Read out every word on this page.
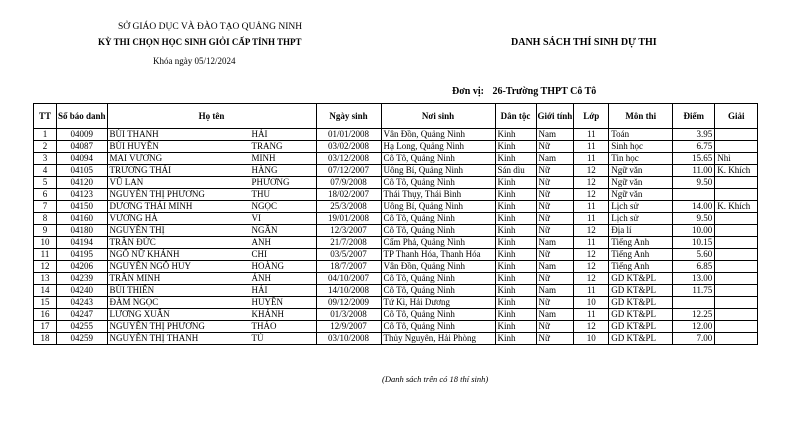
SỞ GIÁO DỤC VÀ ĐÀO TẠO QUẢNG NINH
KỲ THI CHỌN HỌC SINH GIỎI CẤP TỈNH THPT
Khóa ngày 05/12/2024
DANH SÁCH THÍ SINH DỰ THI
Đơn vị: 26-Trường THPT Cô Tô
TT	Số báo danh	Họ tên	Ngày sinh	Nơi sinh	Dân tộc	Giới tính	Lớp	Môn thi	Điểm	Giải
1	04009	BÙI THANH HẢI	01/01/2008	Vân Đồn, Quảng Ninh	Kinh	Nam	11	Toán	3.95	
2	04087	BÙI HUYỀN TRANG	03/02/2008	Hạ Long, Quảng Ninh	Kinh	Nữ	11	Sinh học	6.75	
3	04094	MAI VƯƠNG MINH	03/12/2008	Cô Tô, Quảng Ninh	Kinh	Nam	11	Tin học	15.65	Nhì
4	04105	TRƯƠNG THÁI HÀNG	07/12/2007	Uông Bí, Quảng Ninh	Sán dìu	Nữ	12	Ngữ văn	11.00	K. Khích
5	04120	VŨ LAN PHƯƠNG	07/9/2008	Cô Tô, Quảng Ninh	Kinh	Nữ	12	Ngữ văn	9.50	
6	04123	NGUYỄN THỊ PHƯƠNG THU	18/02/2007	Thái Thụy, Thái Bình	Kinh	Nữ	12	Ngữ văn		
7	04150	DƯƠNG THÁI MINH NGỌC	25/3/2008	Uông Bí, Quảng Ninh	Kinh	Nữ	11	Lịch sử	14.00	K. Khích
8	04160	VƯƠNG HÀ VI	19/01/2008	Cô Tô, Quảng Ninh	Kinh	Nữ	11	Lịch sử	9.50	
9	04180	NGUYỄN THỊ NGÂN	12/3/2007	Cô Tô, Quảng Ninh	Kinh	Nữ	12	Địa lí	10.00	
10	04194	TRẦN ĐỨC ANH	21/7/2008	Cẩm Phả, Quảng Ninh	Kinh	Nam	11	Tiếng Anh	10.15	
11	04195	NGÔ NỮ KHÁNH CHI	03/5/2007	TP Thanh Hóa, Thanh Hóa	Kinh	Nữ	12	Tiếng Anh	5.60	
12	04206	NGUYỄN NGÔ HUY HOÀNG	18/7/2007	Vân Đồn, Quảng Ninh	Kinh	Nam	12	Tiếng Anh	6.85	
13	04239	TRẦN MINH ÁNH	04/10/2007	Cô Tô, Quảng Ninh	Kinh	Nữ	12	GD KT&PL	13.00	
14	04240	BÙI THIÊN HẢI	14/10/2008	Cô Tô, Quảng Ninh	Kinh	Nam	11	GD KT&PL	11.75	
15	04243	ĐÀM NGỌC HUYỀN	09/12/2009	Tứ Kì, Hải Dương	Kinh	Nữ	10	GD KT&PL		
16	04247	LƯƠNG XUÂN KHÁNH	01/3/2008	Cô Tô, Quảng Ninh	Kinh	Nam	11	GD KT&PL	12.25	
17	04255	NGUYỄN THỊ PHƯƠNG THẢO	12/9/2007	Cô Tô, Quảng Ninh	Kinh	Nữ	12	GD KT&PL	12.00	
18	04259	NGUYỄN THỊ THANH TÚ	03/10/2008	Thủy Nguyên, Hải Phòng	Kinh	Nữ	10	GD KT&PL	7.00	
(Danh sách trên có 18 thí sinh)
